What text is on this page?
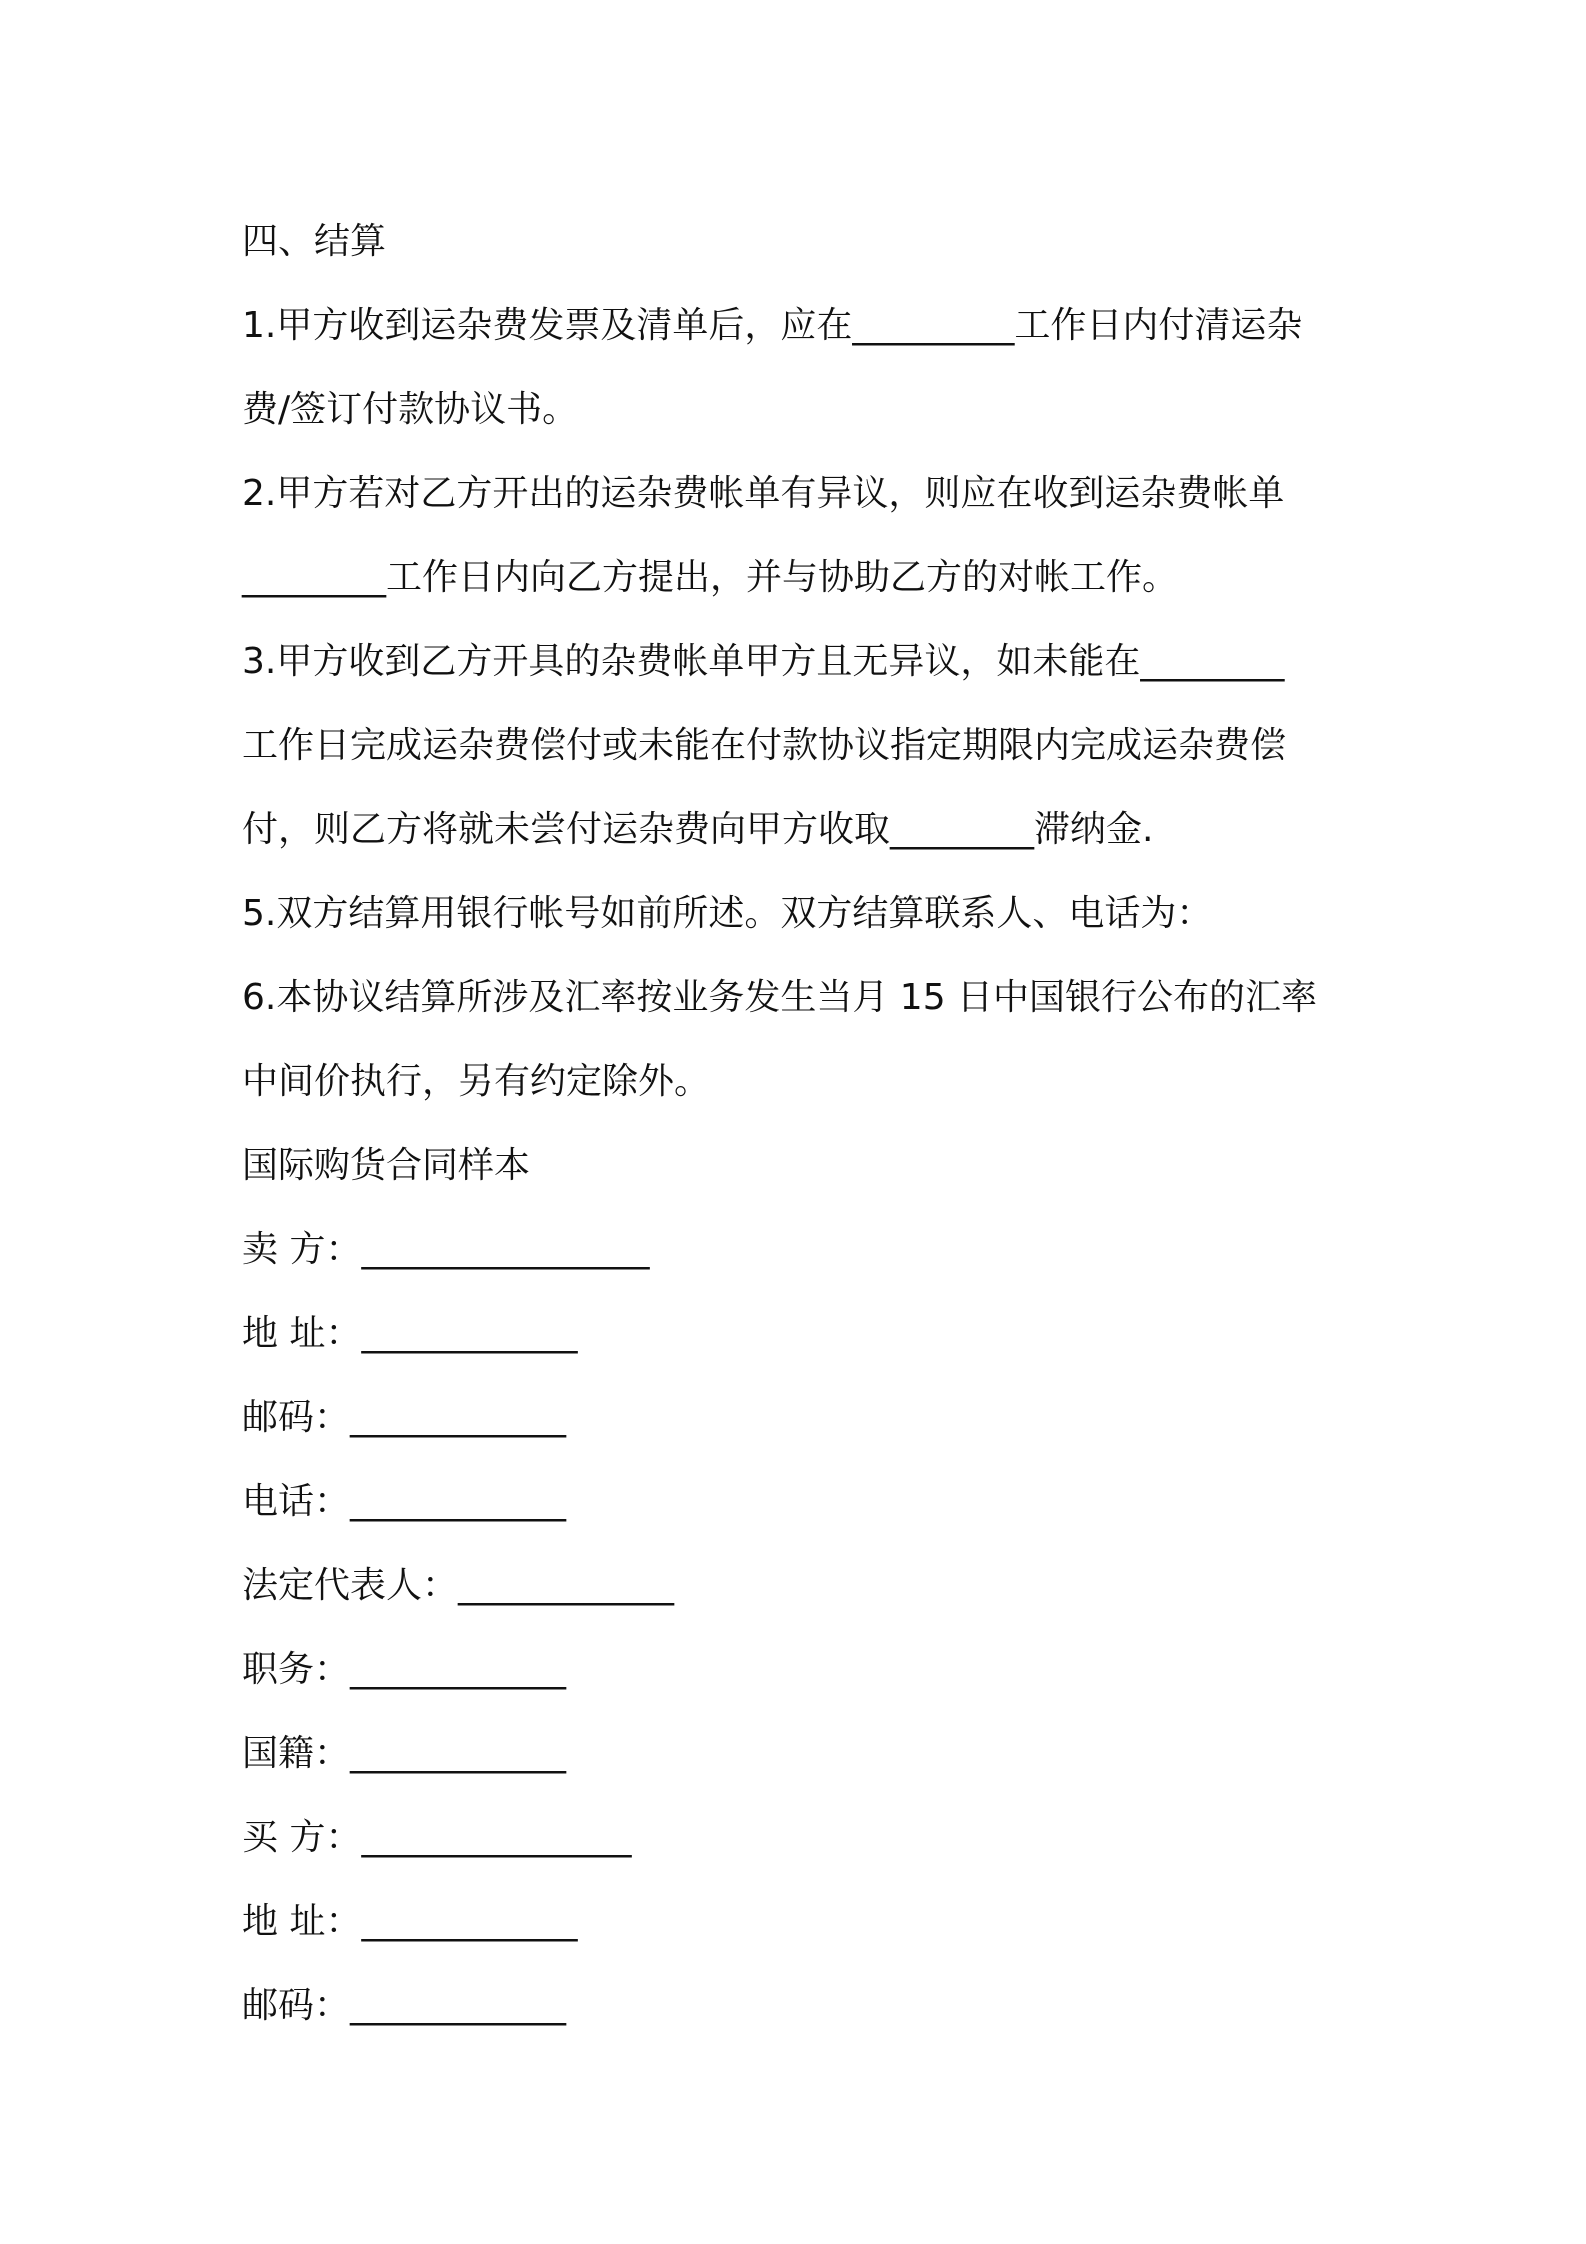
四、结算
1.甲方收到运杂费发票及清单后，应在_________工作日内付清运杂
费/签订付款协议书。
2.甲方若对乙方开出的运杂费帐单有异议，则应在收到运杂费帐单
________工作日内向乙方提出，并与协助乙方的对帐工作。
3.甲方收到乙方开具的杂费帐单甲方且无异议，如未能在________
工作日完成运杂费偿付或未能在付款协议指定期限内完成运杂费偿
付，则乙方将就未尝付运杂费向甲方收取________滞纳金.
5.双方结算用银行帐号如前所述。双方结算联系人、电话为：
6.本协议结算所涉及汇率按业务发生当月 15 日中国银行公布的汇率
中间价执行，另有约定除外。
国际购货合同样本
卖 方：________________
地 址：____________
邮码：____________
电话：____________
法定代表人：____________
职务：____________
国籍：____________
买 方：_______________
地 址：____________
邮码：____________
